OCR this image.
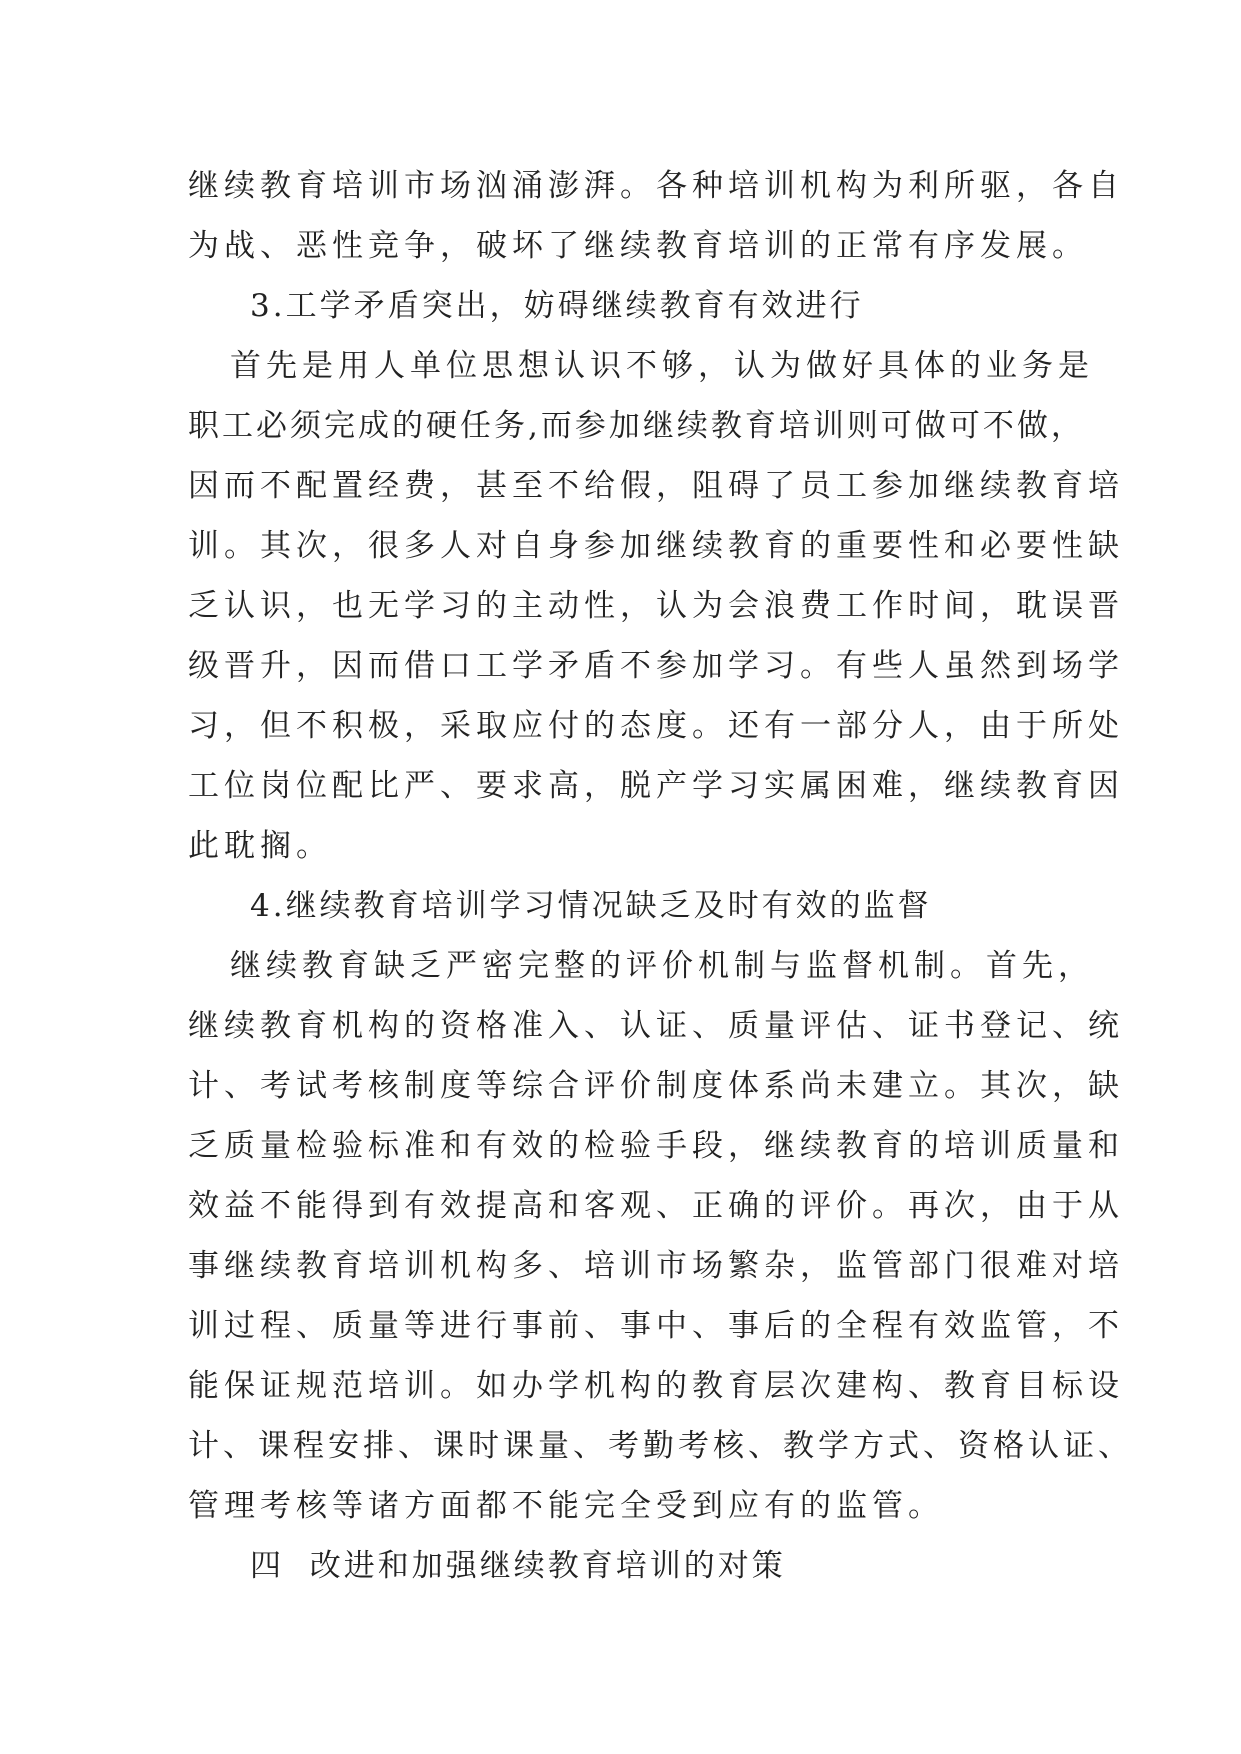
继续教育培训市场汹涌澎湃。各种培训机构为利所驱，各自
为战、恶性竞争，破坏了继续教育培训的正常有序发展。
3.工学矛盾突出，妨碍继续教育有效进行
首先是用人单位思想认识不够，认为做好具体的业务是
职工必须完成的硬任务,而参加继续教育培训则可做可不做，
因而不配置经费，甚至不给假，阻碍了员工参加继续教育培
训。其次，很多人对自身参加继续教育的重要性和必要性缺
乏认识，也无学习的主动性，认为会浪费工作时间，耽误晋
级晋升，因而借口工学矛盾不参加学习。有些人虽然到场学
习，但不积极，采取应付的态度。还有一部分人，由于所处
工位岗位配比严、要求高，脱产学习实属困难，继续教育因
此耽搁。
4.继续教育培训学习情况缺乏及时有效的监督
继续教育缺乏严密完整的评价机制与监督机制。首先，
继续教育机构的资格准入、认证、质量评估、证书登记、统
计、考试考核制度等综合评价制度体系尚未建立。其次，缺
乏质量检验标准和有效的检验手段，继续教育的培训质量和
效益不能得到有效提高和客观、正确的评价。再次，由于从
事继续教育培训机构多、培训市场繁杂，监管部门很难对培
训过程、质量等进行事前、事中、事后的全程有效监管，不
能保证规范培训。如办学机构的教育层次建构、教育目标设
计、课程安排、课时课量、考勤考核、教学方式、资格认证、
管理考核等诸方面都不能完全受到应有的监管。
四  改进和加强继续教育培训的对策
